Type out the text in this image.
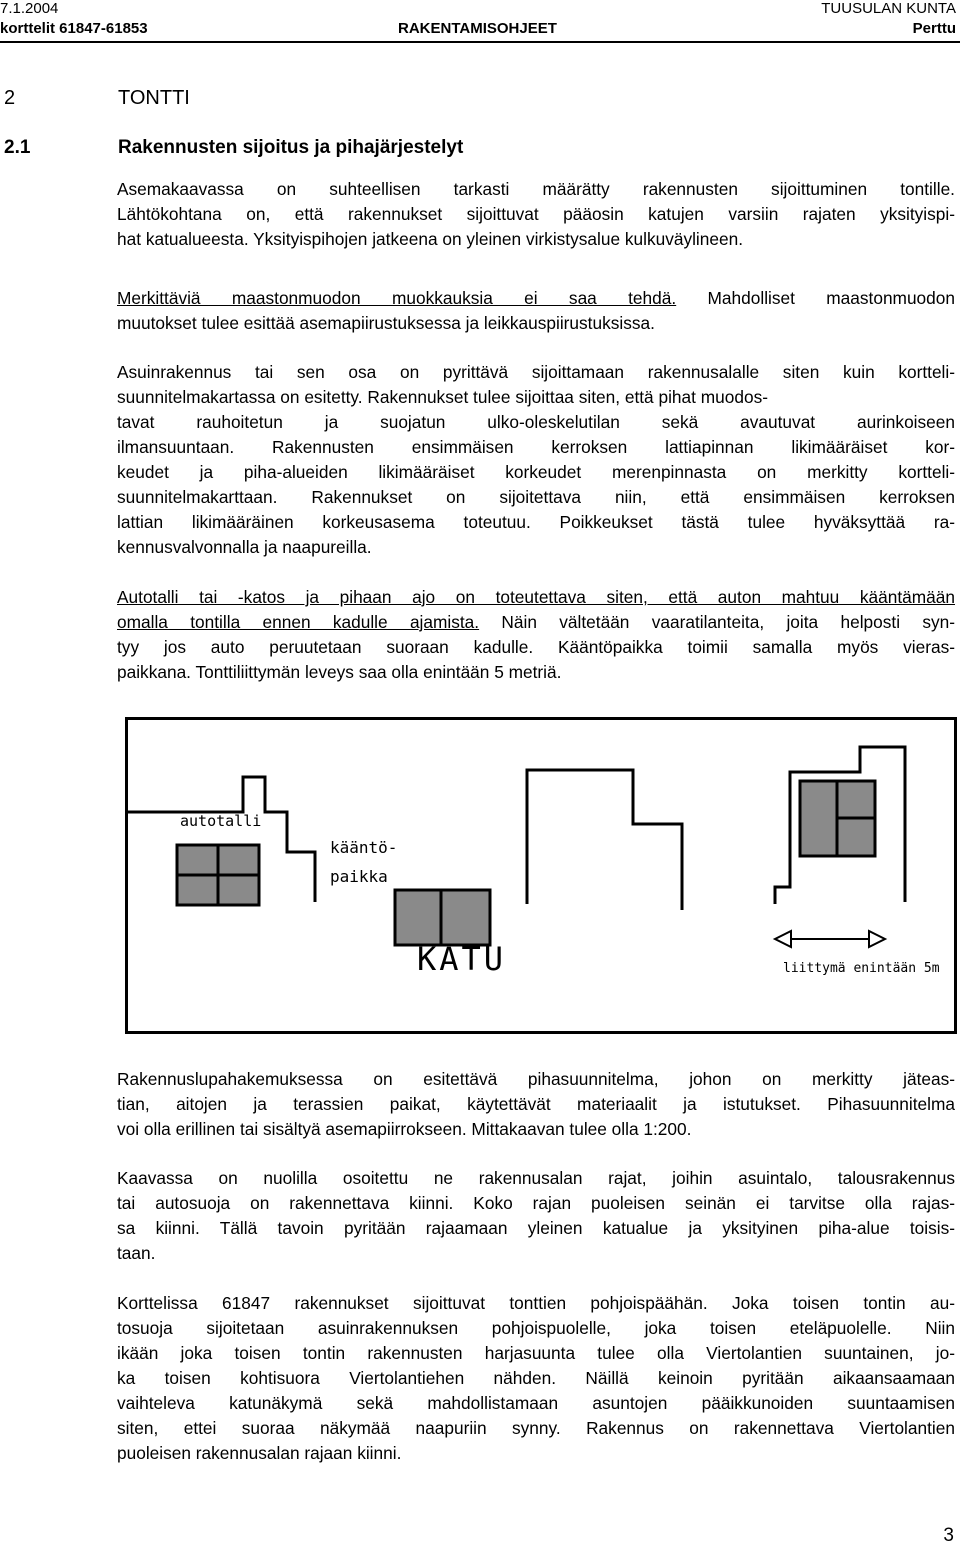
7.1.2004
korttelit 61847-61853	RAKENTAMISOHJEET
TUUSULAN KUNTA
Perttu
2	TONTTI
2.1	Rakennusten sijoitus ja pihajärjestelyt
Asemakaavassa on suhteellisen tarkasti määrätty rakennusten sijoittuminen tontille.
Lähtökohtana on, että rakennukset sijoittuvat pääosin katujen varsiin rajaten yksityispi-
hat katualueesta. Yksityispihojen jatkeena on yleinen virkistysalue kulkuväylineen.
Merkittäviä maastonmuodon muokkauksia ei saa tehdä. Mahdolliset maastonmuodon
muutokset tulee esittää asemapiirustuksessa ja leikkauspiirustuksissa.
Asuinrakennus tai sen osa on pyrittävä sijoittamaan rakennusalalle siten kuin kortteli-
suunnitelmakartassa on esitetty. Rakennukset tulee sijoittaa siten, että pihat muodos-
tavat rauhoitetun ja suojatun ulko-oleskelutilan sekä avautuvat aurinkoiseen
ilmansuuntaan. Rakennusten ensimmäisen kerroksen lattiapinnan likimääräiset kor-
keudet ja piha-alueiden likimääräiset korkeudet merenpinnasta on merkitty kortteli-
suunnitelmakarttaan. Rakennukset on sijoitettava niin, että ensimmäisen kerroksen
lattian likimääräinen korkeusasema toteutuu. Poikkeukset tästä tulee hyväksyttää ra-
kennusvalvonnalla ja naapureilla.
Autotalli tai -katos ja pihaan ajo on toteutettava siten, että auton mahtuu kääntämään
omalla tontilla ennen kadulle ajamista. Näin vältetään vaaratilanteita, joita helposti syn-
tyy jos auto peruutetaan suoraan kadulle. Kääntöpaikka toimii samalla myös vieras-
paikkana. Tonttiliittymän leveys saa olla enintään 5 metriä.
autotalli
kääntö-
paikka
KATU	liittymä enintään 5m
Rakennuslupahakemuksessa on esitettävä pihasuunnitelma, johon on merkitty jäteas-
tian, aitojen ja terassien paikat, käytettävät materiaalit ja istutukset. Pihasuunnitelma
voi olla erillinen tai sisältyä asemapiirrokseen. Mittakaavan tulee olla 1:200.
Kaavassa on nuolilla osoitettu ne rakennusalan rajat, joihin asuintalo, talousrakennus
tai autosuoja on rakennettava kiinni. Koko rajan puoleisen seinän ei tarvitse olla rajas-
sa kiinni. Tällä tavoin pyritään rajaamaan yleinen katualue ja yksityinen piha-alue toisis-
taan.
Korttelissa 61847 rakennukset sijoittuvat tonttien pohjoispäähän. Joka toisen tontin au-
tosuoja sijoitetaan asuinrakennuksen pohjoispuolelle, joka toisen eteläpuolelle. Niin
ikään joka toisen tontin rakennusten harjasuunta tulee olla Viertolantien suuntainen, jo-
ka toisen kohtisuora Viertolantiehen nähden. Näillä keinoin pyritään aikaansaamaan
vaihteleva katunäkymä sekä mahdollistamaan asuntojen pääikkunoiden suuntaamisen
siten, ettei suoraa näkymää naapuriin synny. Rakennus on rakennettava Viertolantien
puoleisen rakennusalan rajaan kiinni.
3
